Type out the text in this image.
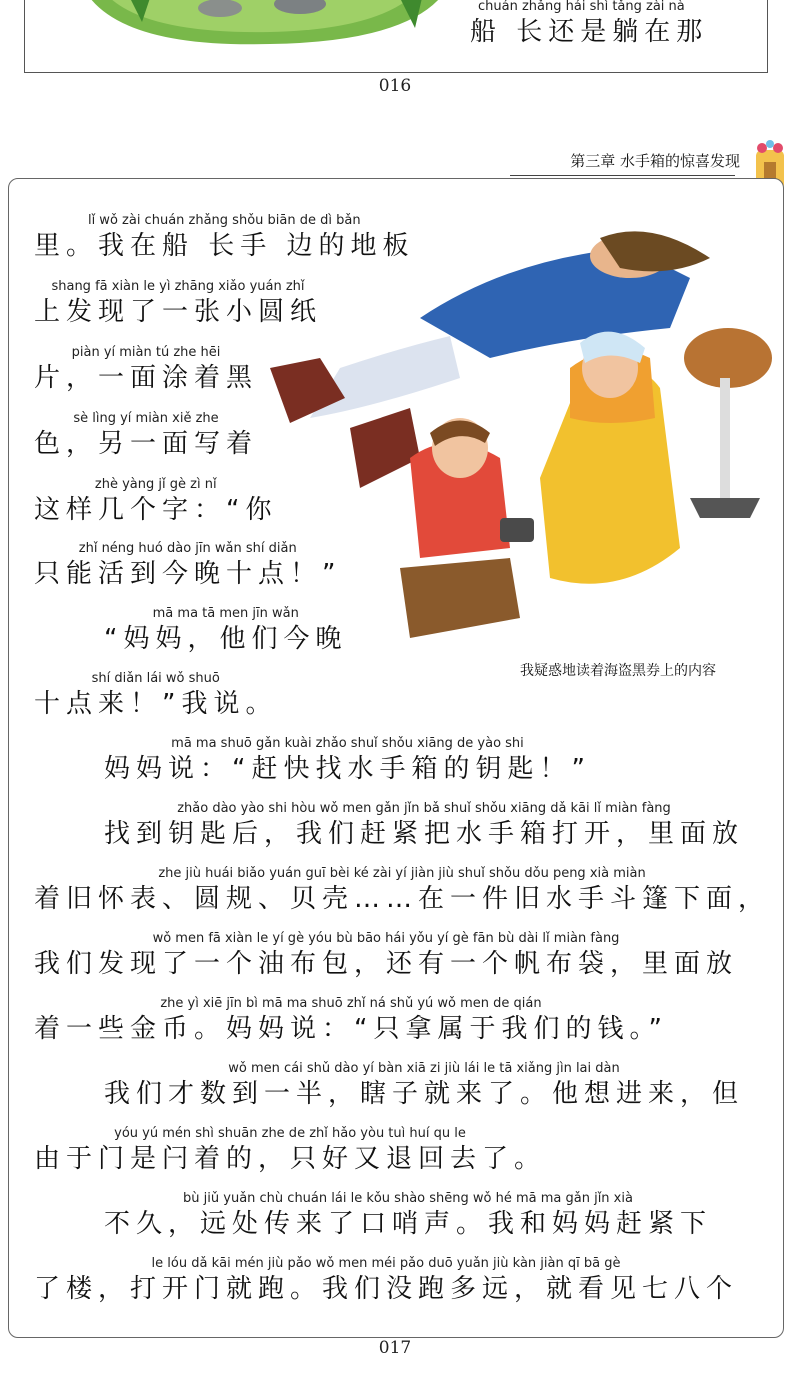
chuán zhǎng hái shì tǎng zài nà
船 长还是躺在那
016
第三章 水手箱的惊喜发现
我疑惑地读着海盗黑券上的内容
lǐ wǒ zài chuán zhǎng shǒu biān de dì bǎn
里。我在船 长手 边的地板
shang fā xiàn le yì zhāng xiǎo yuán zhǐ
上发现了一张小圆纸
piàn yí miàn tú zhe hēi
片，一面涂着黑
sè lìng yí miàn xiě zhe
色，另一面写着
zhè yàng jǐ gè zì nǐ
这样几个字：“你
zhǐ néng huó dào jīn wǎn shí diǎn
只能活到今晚十点！”
mā ma tā men jīn wǎn
“妈妈，他们今晚
shí diǎn lái wǒ shuō
十点来！”我说。
mā ma shuō gǎn kuài zhǎo shuǐ shǒu xiāng de yào shi
妈妈说：“赶快找水手箱的钥匙！”
zhǎo dào yào shi hòu wǒ men gǎn jǐn bǎ shuǐ shǒu xiāng dǎ kāi lǐ miàn fàng
找到钥匙后，我们赶紧把水手箱打开，里面放
zhe jiù huái biǎo yuán guī bèi ké zài yí jiàn jiù shuǐ shǒu dǒu peng xià miàn
着旧怀表、圆规、贝壳……在一件旧水手斗篷下面，
wǒ men fā xiàn le yí gè yóu bù bāo hái yǒu yí gè fān bù dài lǐ miàn fàng
我们发现了一个油布包，还有一个帆布袋，里面放
zhe yì xiē jīn bì mā ma shuō zhǐ ná shǔ yú wǒ men de qián
着一些金币。妈妈说：“只拿属于我们的钱。”
wǒ men cái shǔ dào yí bàn xiā zi jiù lái le tā xiǎng jìn lai dàn
我们才数到一半，瞎子就来了。他想进来，但
yóu yú mén shì shuān zhe de zhǐ hǎo yòu tuì huí qu le
由于门是闩着的，只好又退回去了。
bù jiǔ yuǎn chù chuán lái le kǒu shào shēng wǒ hé mā ma gǎn jǐn xià
不久，远处传来了口哨声。我和妈妈赶紧下
le lóu dǎ kāi mén jiù pǎo wǒ men méi pǎo duō yuǎn jiù kàn jiàn qī bā gè
了楼，打开门就跑。我们没跑多远，就看见七八个
017
